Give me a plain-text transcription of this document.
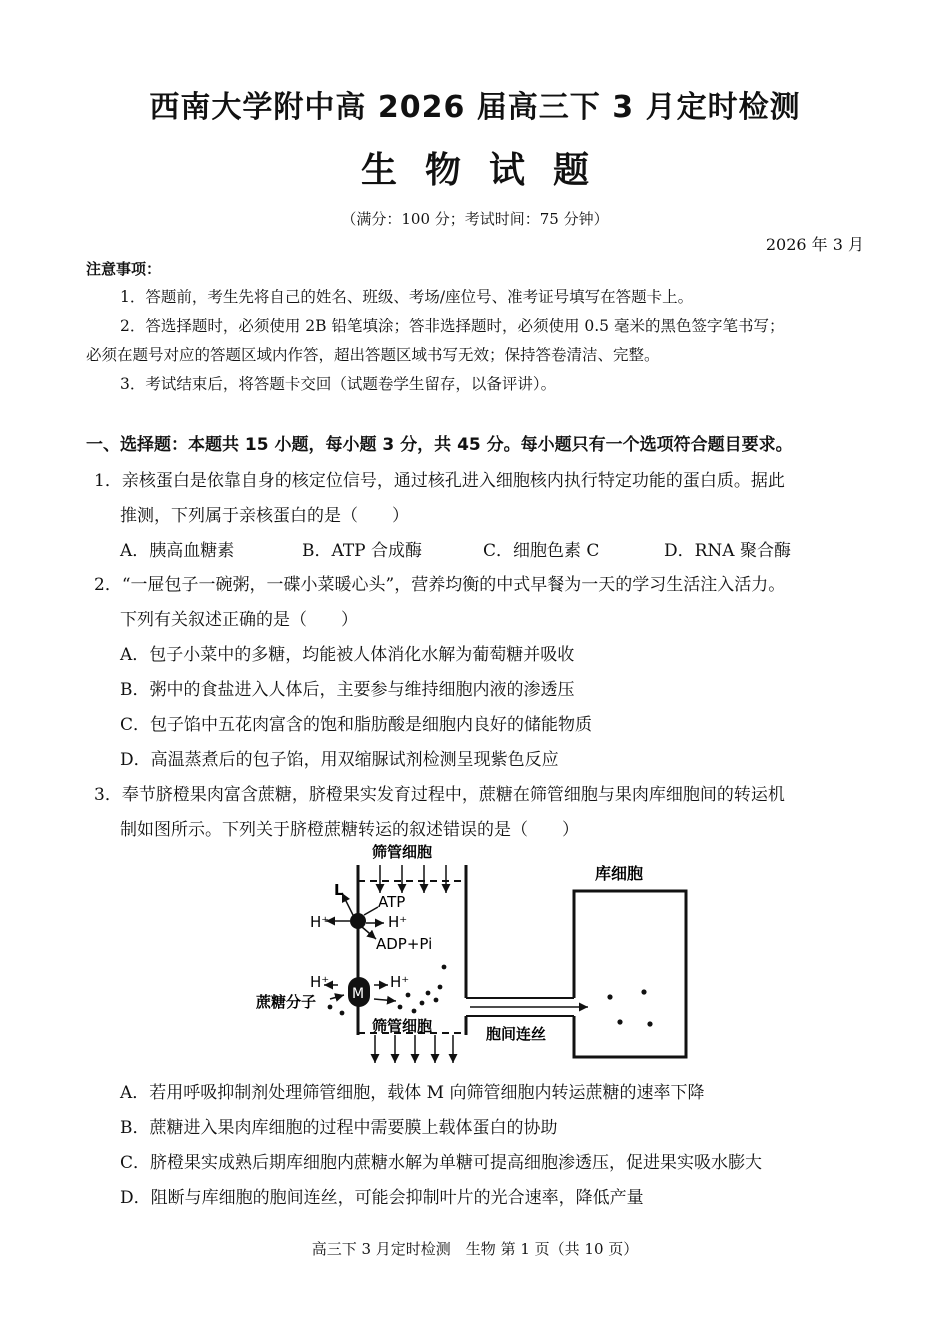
西南大学附中高 2026 届高三下 3 月定时检测
生物试题
（满分：100 分；考试时间：75 分钟）
2026 年 3 月
注意事项：
1．答题前，考生先将自己的姓名、班级、考场/座位号、准考证号填写在答题卡上。
2．答选择题时，必须使用 2B 铅笔填涂；答非选择题时，必须使用 0.5 毫米的黑色签字笔书写；
必须在题号对应的答题区域内作答，超出答题区域书写无效；保持答卷清洁、完整。
3．考试结束后，将答题卡交回（试题卷学生留存，以备评讲）。
一、选择题：本题共 15 小题，每小题 3 分，共 45 分。每小题只有一个选项符合题目要求。
1．亲核蛋白是依靠自身的核定位信号，通过核孔进入细胞核内执行特定功能的蛋白质。据此
推测，下列属于亲核蛋白的是（　　）
A．胰高血糖素	B．ATP 合成酶	C．细胞色素 C	D．RNA 聚合酶
2．“一屉包子一碗粥，一碟小菜暖心头”，营养均衡的中式早餐为一天的学习生活注入活力。
下列有关叙述正确的是（　　）
A．包子小菜中的多糖，均能被人体消化水解为葡萄糖并吸收
B．粥中的食盐进入人体后，主要参与维持细胞内液的渗透压
C．包子馅中五花肉富含的饱和脂肪酸是细胞内良好的储能物质
D．高温蒸煮后的包子馅，用双缩脲试剂检测呈现紫色反应
3．奉节脐橙果肉富含蔗糖，脐橙果实发育过程中，蔗糖在筛管细胞与果肉库细胞间的转运机
制如图所示。下列关于脐橙蔗糖转运的叙述错误的是（　　）
L
ATP
H⁺	H⁺
ADP+Pi
M
H⁺	H⁺
蔗糖分子
胞间连丝
库细胞
筛管细胞
筛管细胞
A．若用呼吸抑制剂处理筛管细胞，载体 M 向筛管细胞内转运蔗糖的速率下降
B．蔗糖进入果肉库细胞的过程中需要膜上载体蛋白的协助
C．脐橙果实成熟后期库细胞内蔗糖水解为单糖可提高细胞渗透压，促进果实吸水膨大
D．阻断与库细胞的胞间连丝，可能会抑制叶片的光合速率，降低产量
高三下 3 月定时检测　生物 第 1 页（共 10 页）
